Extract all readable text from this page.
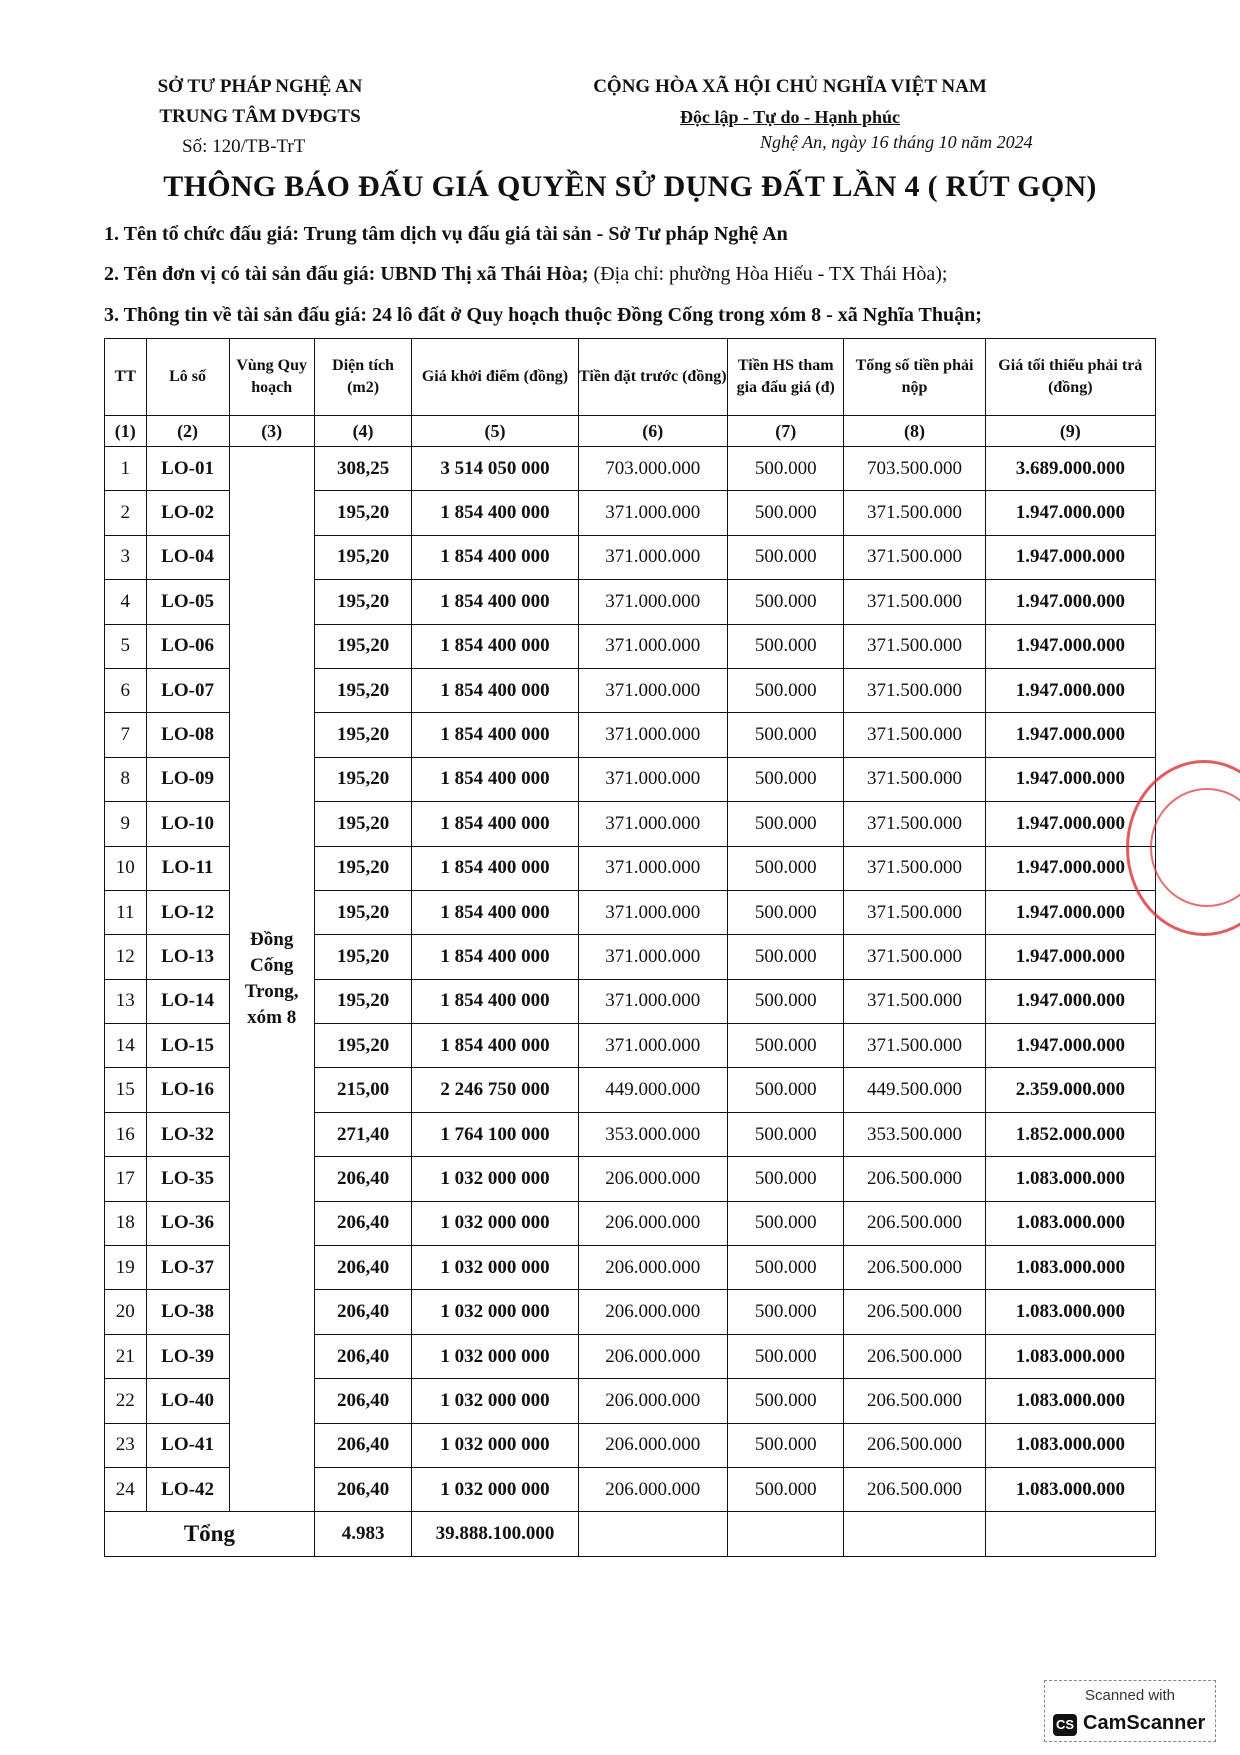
SỞ TƯ PHÁP NGHỆ AN
TRUNG TÂM DVĐGTS
Số: 120/TB-TrT
CỘNG HÒA XÃ HỘI CHỦ NGHĨA VIỆT NAM
Độc lập - Tự do - Hạnh phúc
Nghệ An, ngày 16 tháng 10 năm 2024
THÔNG BÁO ĐẤU GIÁ QUYỀN SỬ DỤNG ĐẤT LẦN 4 ( RÚT GỌN)
1. Tên tổ chức đấu giá: Trung tâm dịch vụ đấu giá tài sản - Sở Tư pháp Nghệ An
2. Tên đơn vị có tài sản đấu giá: UBND Thị xã Thái Hòa; (Địa chỉ: phường Hòa Hiếu - TX Thái Hòa);
3. Thông tin về tài sản đấu giá: 24 lô đất ở Quy hoạch thuộc Đồng Cống trong xóm 8 - xã Nghĩa Thuận;
TT	Lô số	Vùng Quy hoạch	Diện tích (m2)	Giá khởi điểm (đồng)	Tiền đặt trước (đồng)	Tiền HS tham gia đấu giá (đ)	Tổng số tiền phải nộp	Giá tối thiểu phải trả (đồng)
(1)	(2)	(3)	(4)	(5)	(6)	(7)	(8)	(9)
1	LO-01	Đồng Cống Trong, xóm 8	308,25	3 514 050 000	703.000.000	500.000	703.500.000	3.689.000.000
2	LO-02		195,20	1 854 400 000	371.000.000	500.000	371.500.000	1.947.000.000
3	LO-04		195,20	1 854 400 000	371.000.000	500.000	371.500.000	1.947.000.000
4	LO-05		195,20	1 854 400 000	371.000.000	500.000	371.500.000	1.947.000.000
5	LO-06		195,20	1 854 400 000	371.000.000	500.000	371.500.000	1.947.000.000
6	LO-07		195,20	1 854 400 000	371.000.000	500.000	371.500.000	1.947.000.000
7	LO-08		195,20	1 854 400 000	371.000.000	500.000	371.500.000	1.947.000.000
8	LO-09		195,20	1 854 400 000	371.000.000	500.000	371.500.000	1.947.000.000
9	LO-10		195,20	1 854 400 000	371.000.000	500.000	371.500.000	1.947.000.000
10	LO-11		195,20	1 854 400 000	371.000.000	500.000	371.500.000	1.947.000.000
11	LO-12		195,20	1 854 400 000	371.000.000	500.000	371.500.000	1.947.000.000
12	LO-13		195,20	1 854 400 000	371.000.000	500.000	371.500.000	1.947.000.000
13	LO-14		195,20	1 854 400 000	371.000.000	500.000	371.500.000	1.947.000.000
14	LO-15		195,20	1 854 400 000	371.000.000	500.000	371.500.000	1.947.000.000
15	LO-16		215,00	2 246 750 000	449.000.000	500.000	449.500.000	2.359.000.000
16	LO-32		271,40	1 764 100 000	353.000.000	500.000	353.500.000	1.852.000.000
17	LO-35		206,40	1 032 000 000	206.000.000	500.000	206.500.000	1.083.000.000
18	LO-36		206,40	1 032 000 000	206.000.000	500.000	206.500.000	1.083.000.000
19	LO-37		206,40	1 032 000 000	206.000.000	500.000	206.500.000	1.083.000.000
20	LO-38		206,40	1 032 000 000	206.000.000	500.000	206.500.000	1.083.000.000
21	LO-39		206,40	1 032 000 000	206.000.000	500.000	206.500.000	1.083.000.000
22	LO-40		206,40	1 032 000 000	206.000.000	500.000	206.500.000	1.083.000.000
23	LO-41		206,40	1 032 000 000	206.000.000	500.000	206.500.000	1.083.000.000
24	LO-42		206,40	1 032 000 000	206.000.000	500.000	206.500.000	1.083.000.000
Tổng			4.983	39.888.100.000				
Scanned with
CS CamScanner
